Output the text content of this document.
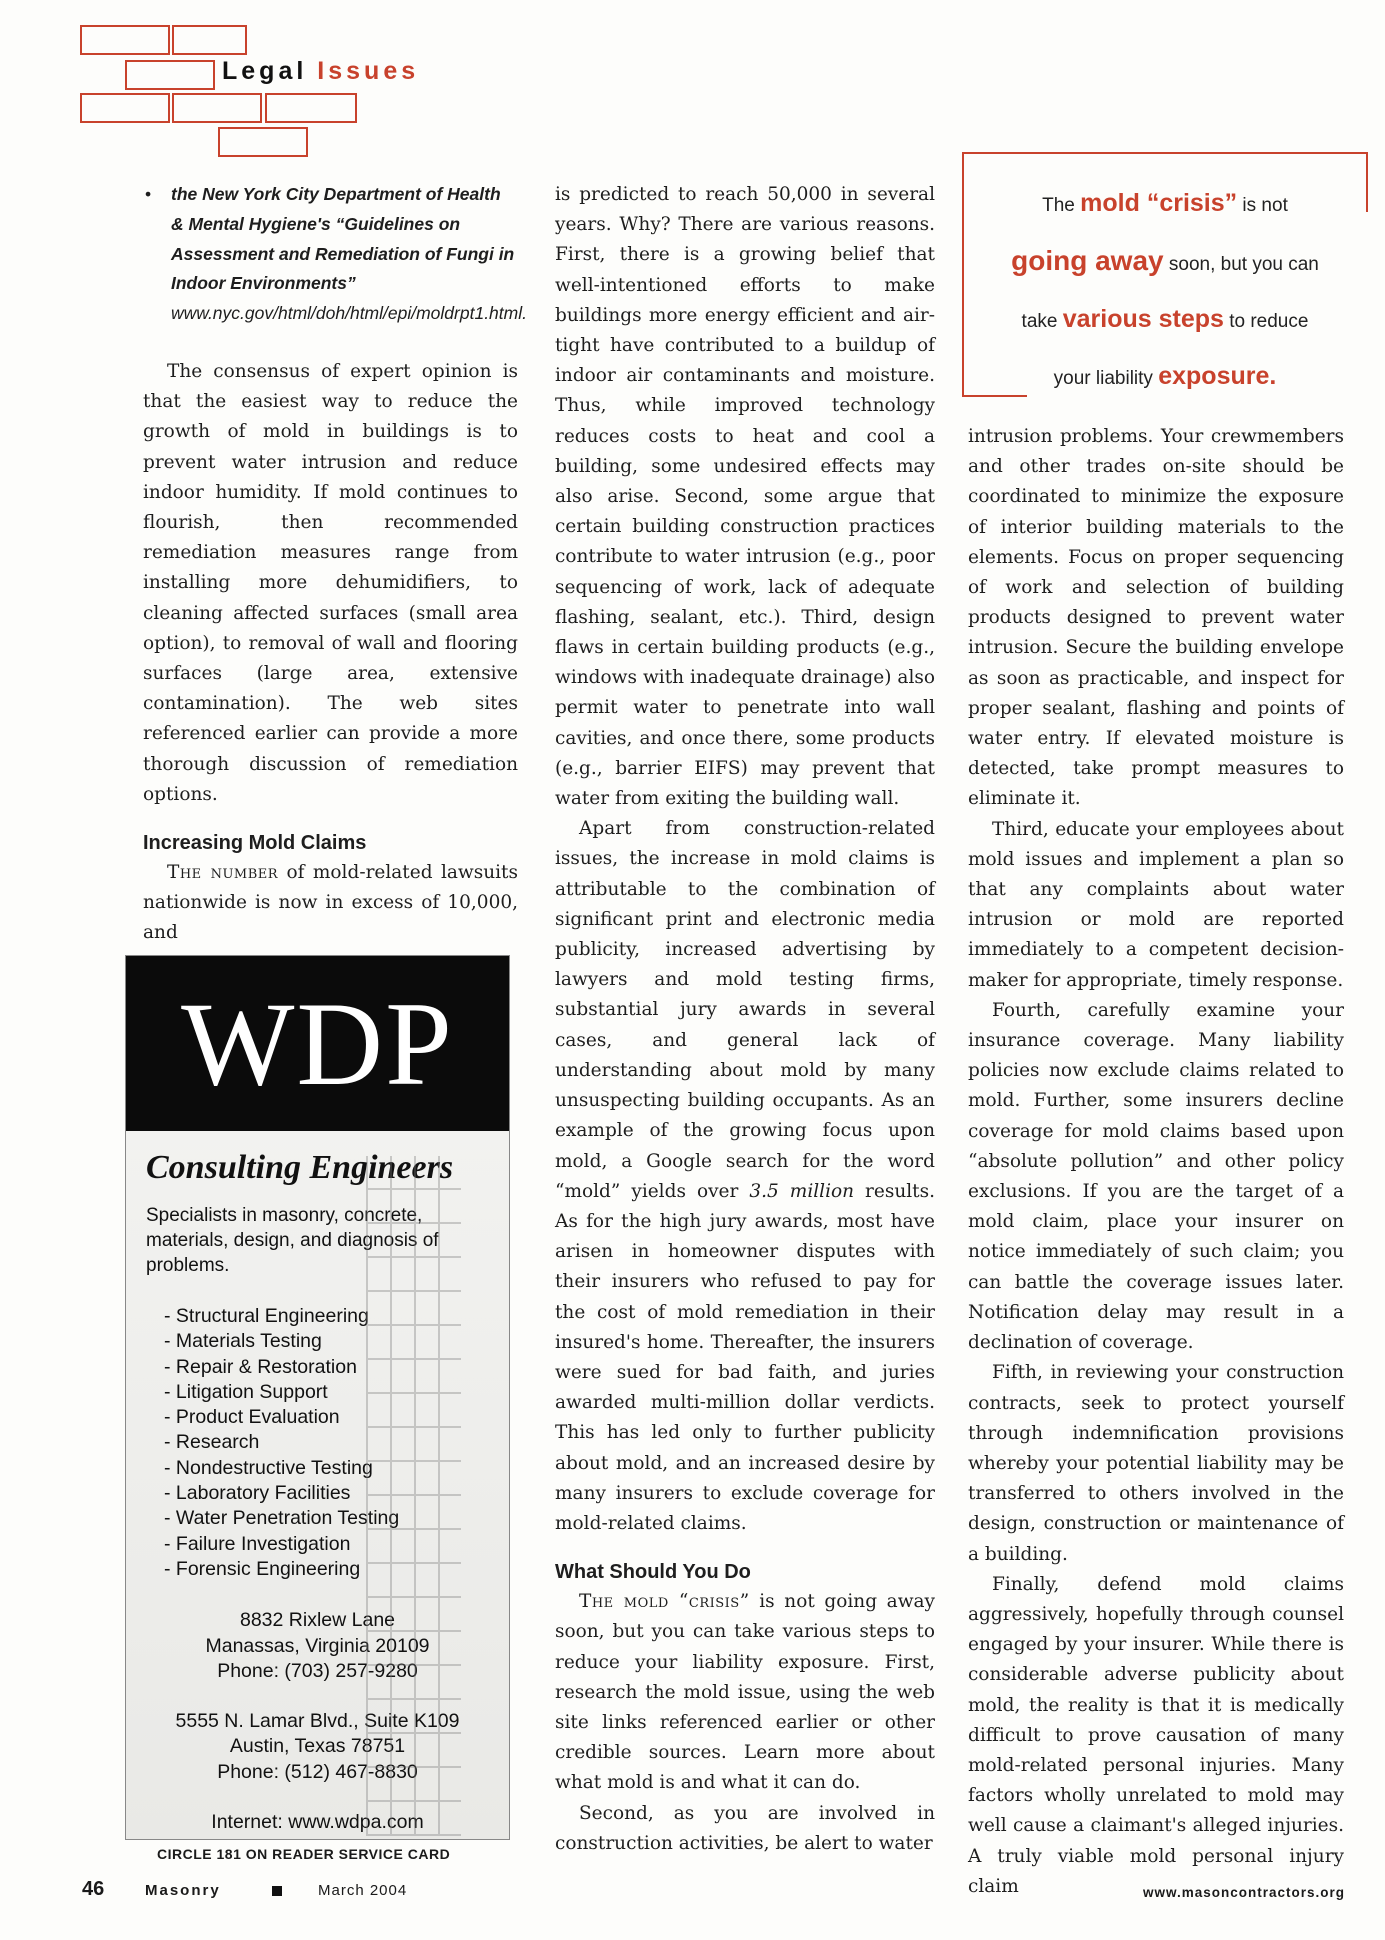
Legal Issues
• the New York City Department of Health & Mental Hygiene's “Guidelines on Assessment and Remediation of Fungi in Indoor Environments”
www.nyc.gov/html/doh/html/epi/moldrpt1.html.

The consensus of expert opinion is that the easiest way to reduce the growth of mold in buildings is to prevent water intrusion and reduce indoor humidity. If mold continues to flourish, then recommended remediation measures range from installing more dehumidifiers, to cleaning affected surfaces (small area option), to removal of wall and flooring surfaces (large area, extensive contamination). The web sites referenced earlier can provide a more thorough discussion of remediation options.

Increasing Mold Claims

The number of mold-related lawsuits nationwide is now in excess of 10,000, and

WDP
Consulting Engineers
Specialists in masonry, concrete, materials, design, and diagnosis of problems.
- Structural Engineering
- Materials Testing
- Repair & Restoration
- Litigation Support
- Product Evaluation
- Research
- Nondestructive Testing
- Laboratory Facilities
- Water Penetration Testing
- Failure Investigation
- Forensic Engineering
8832 Rixlew Lane
Manassas, Virginia 20109
Phone: (703) 257-9280
5555 N. Lamar Blvd., Suite K109
Austin, Texas 78751
Phone: (512) 467-8830
Internet: www.wdpa.com
CIRCLE 181 ON READER SERVICE CARD

is predicted to reach 50,000 in several years. Why? There are various reasons. First, there is a growing belief that well-intentioned efforts to make buildings more energy efficient and air-tight have contributed to a buildup of indoor air contaminants and moisture. Thus, while improved technology reduces costs to heat and cool a building, some undesired effects may also arise. Second, some argue that certain building construction practices contribute to water intrusion (e.g., poor sequencing of work, lack of adequate flashing, sealant, etc.). Third, design flaws in certain building products (e.g., windows with inadequate drainage) also permit water to penetrate into wall cavities, and once there, some products (e.g., barrier EIFS) may prevent that water from exiting the building wall.

Apart from construction-related issues, the increase in mold claims is attributable to the combination of significant print and electronic media publicity, increased advertising by lawyers and mold testing firms, substantial jury awards in several cases, and general lack of understanding about mold by many unsuspecting building occupants. As an example of the growing focus upon mold, a Google search for the word “mold” yields over 3.5 million results. As for the high jury awards, most have arisen in homeowner disputes with their insurers who refused to pay for the cost of mold remediation in their insured's home. Thereafter, the insurers were sued for bad faith, and juries awarded multi-million dollar verdicts. This has led only to further publicity about mold, and an increased desire by many insurers to exclude coverage for mold-related claims.

What Should You Do

The mold “crisis” is not going away soon, but you can take various steps to reduce your liability exposure. First, research the mold issue, using the web site links referenced earlier or other credible sources. Learn more about what mold is and what it can do.

Second, as you are involved in construction activities, be alert to water

The mold “crisis” is not
going away soon, but you can
take various steps to reduce
your liability exposure.

intrusion problems. Your crewmembers and other trades on-site should be coordinated to minimize the exposure of interior building materials to the elements. Focus on proper sequencing of work and selection of building products designed to prevent water intrusion. Secure the building envelope as soon as practicable, and inspect for proper sealant, flashing and points of water entry. If elevated moisture is detected, take prompt measures to eliminate it.

Third, educate your employees about mold issues and implement a plan so that any complaints about water intrusion or mold are reported immediately to a competent decision-maker for appropriate, timely response.

Fourth, carefully examine your insurance coverage. Many liability policies now exclude claims related to mold. Further, some insurers decline coverage for mold claims based upon “absolute pollution” and other policy exclusions. If you are the target of a mold claim, place your insurer on notice immediately of such claim; you can battle the coverage issues later. Notification delay may result in a declination of coverage.

Fifth, in reviewing your construction contracts, seek to protect yourself through indemnification provisions whereby your potential liability may be transferred to others involved in the design, construction or maintenance of a building.

Finally, defend mold claims aggressively, hopefully through counsel engaged by your insurer. While there is considerable adverse publicity about mold, the reality is that it is medically difficult to prove causation of many mold-related personal injuries. Many factors wholly unrelated to mold may well cause a claimant's alleged injuries. A truly viable mold personal injury claim

46	Masonry	March 2004	www.masoncontractors.org
